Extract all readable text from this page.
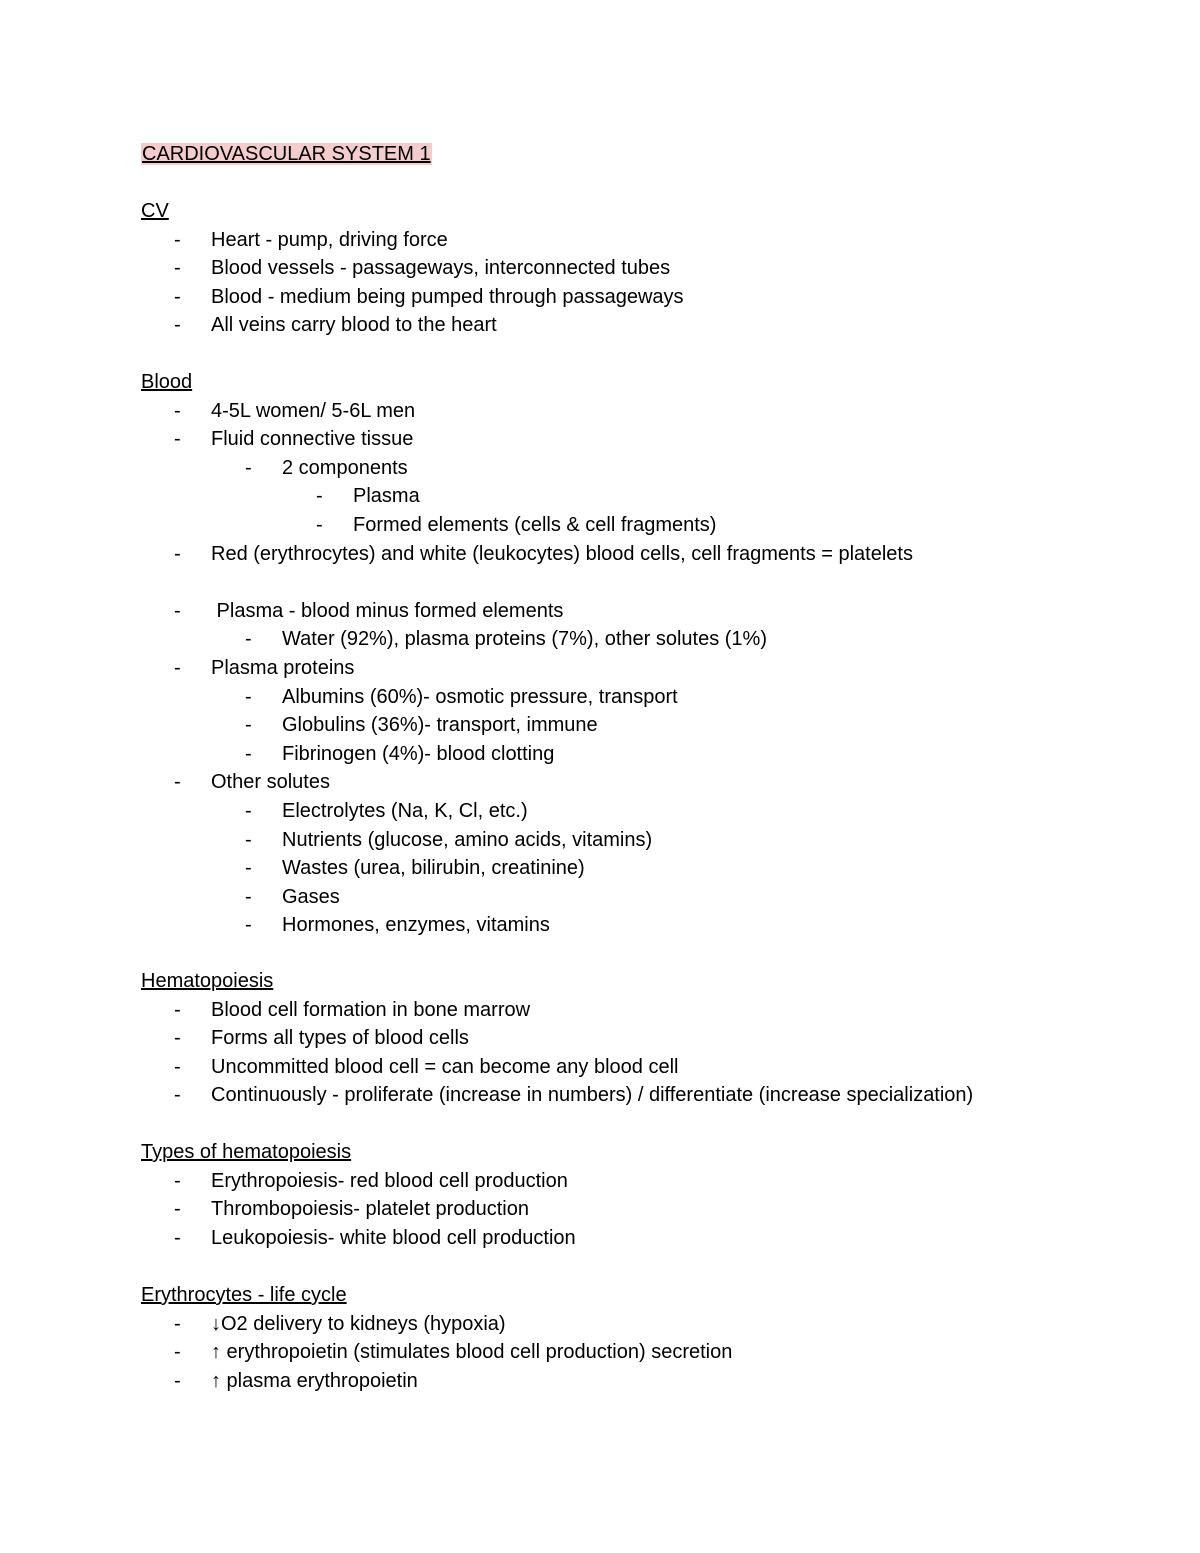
CARDIOVASCULAR SYSTEM 1
CV
- Heart - pump, driving force
- Blood vessels - passageways, interconnected tubes
- Blood - medium being pumped through passageways
- All veins carry blood to the heart
Blood
- 4-5L women/ 5-6L men
- Fluid connective tissue
- 2 components
- Plasma
- Formed elements (cells & cell fragments)
- Red (erythrocytes) and white (leukocytes) blood cells, cell fragments = platelets
- Plasma - blood minus formed elements
- Water (92%), plasma proteins (7%), other solutes (1%)
- Plasma proteins
- Albumins (60%)- osmotic pressure, transport
- Globulins (36%)- transport, immune
- Fibrinogen (4%)- blood clotting
- Other solutes
- Electrolytes (Na, K, Cl, etc.)
- Nutrients (glucose, amino acids, vitamins)
- Wastes (urea, bilirubin, creatinine)
- Gases
- Hormones, enzymes, vitamins
Hematopoiesis
- Blood cell formation in bone marrow
- Forms all types of blood cells
- Uncommitted blood cell = can become any blood cell
- Continuously - proliferate (increase in numbers) / differentiate (increase specialization)
Types of hematopoiesis
- Erythropoiesis- red blood cell production
- Thrombopoiesis- platelet production
- Leukopoiesis- white blood cell production
Erythrocytes - life cycle
- ↓O2 delivery to kidneys (hypoxia)
- ↑ erythropoietin (stimulates blood cell production) secretion
- ↑ plasma erythropoietin
